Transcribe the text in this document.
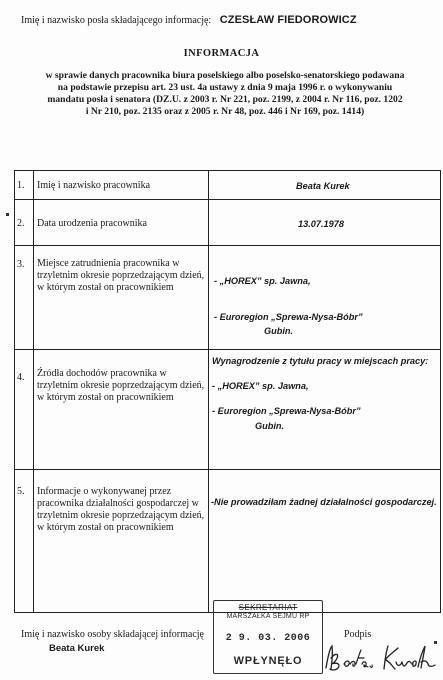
Imię i nazwisko posła składającego informację: CZESŁAW FIEDOROWICZ
INFORMACJA
w sprawie danych pracownika biura poselskiego albo poselsko-senatorskiego podawana
na podstawie przepisu art. 23 ust. 4a ustawy z dnia 9 maja 1996 r. o wykonywaniu
mandatu posła i senatora (DZ.U. z 2003 r. Nr 221, poz. 2199, z 2004 r. Nr 116, poz. 1202
i Nr 210, poz. 2135 oraz z 2005 r. Nr 48, poz. 446 i Nr 169, poz. 1414)
1. Imię i nazwisko pracownika	Beata Kurek
2. Data urodzenia pracownika	13.07.1978
3. Miejsce zatrudnienia pracownika w trzyletnim okresie poprzedzającym dzień, w którym został on pracownikiem
- „HOREX” sp. Jawna,
- Euroregion „Sprewa-Nysa-Bóbr”
Gubin.
4. Źródła dochodów pracownika w trzyletnim okresie poprzedzającym dzień, w którym został on pracownikiem
Wynagrodzenie z tytułu pracy w miejscach pracy:
- „HOREX” sp. Jawna,
- Euroregion „Sprewa-Nysa-Bóbr”
Gubin.
5. Informacje o wykonywanej przez pracownika działalności gospodarczej w trzyletnim okresie poprzedzającym dzień, w którym został on pracownikiem
-Nie prowadziłam żadnej działalności gospodarczej.
Imię i nazwisko osoby składającej informację
Beata Kurek
Podpis
SEKRETARIAT
MARSZAŁKA SEJMU RP
2 9. 03. 2006
WPŁYNĘŁO
